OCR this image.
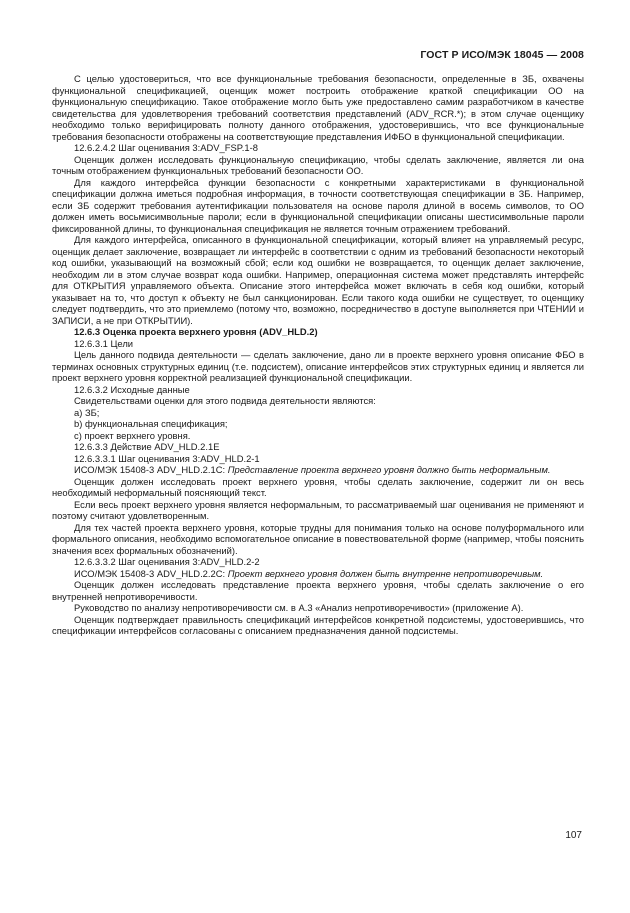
ГОСТ Р ИСО/МЭК 18045 — 2008

С целью удостовериться, что все функциональные требования безопасности, определенные в ЗБ, охвачены функциональной спецификацией, оценщик может построить отображение краткой спецификации ОО на функциональную спецификацию. Такое отображение могло быть уже предоставлено самим разработчиком в качестве свидетельства для удовлетворения требований соответствия представлений (ADV_RCR.*); в этом случае оценщику необходимо только верифицировать полноту данного отображения, удостоверившись, что все функциональные требования безопасности отображены на соответствующие представления ИФБО в функциональной спецификации.

12.6.2.4.2 Шаг оценивания 3:ADV_FSP.1-8

Оценщик должен исследовать функциональную спецификацию, чтобы сделать заключение, является ли она точным отображением функциональных требований безопасности ОО.

Для каждого интерфейса функции безопасности с конкретными характеристиками в функциональной спецификации должна иметься подробная информация, в точности соответствующая спецификации в ЗБ. Например, если ЗБ содержит требования аутентификации пользователя на основе пароля длиной в восемь символов, то ОО должен иметь восьмисимвольные пароли; если в функциональной спецификации описаны шестисимвольные пароли фиксированной длины, то функциональная спецификация не является точным отражением требований.

Для каждого интерфейса, описанного в функциональной спецификации, который влияет на управляемый ресурс, оценщик делает заключение, возвращает ли интерфейс в соответствии с одним из требований безопасности некоторый код ошибки, указывающий на возможный сбой; если код ошибки не возвращается, то оценщик делает заключение, необходим ли в этом случае возврат кода ошибки. Например, операционная система может представлять интерфейс для ОТКРЫТИЯ управляемого объекта. Описание этого интерфейса может включать в себя код ошибки, который указывает на то, что доступ к объекту не был санкционирован. Если такого кода ошибки не существует, то оценщику следует подтвердить, что это приемлемо (потому что, возможно, посредничество в доступе выполняется при ЧТЕНИИ и ЗАПИСИ, а не при ОТКРЫТИИ).

12.6.3 Оценка проекта верхнего уровня (ADV_HLD.2)

12.6.3.1 Цели

Цель данного подвида деятельности — сделать заключение, дано ли в проекте верхнего уровня описание ФБО в терминах основных структурных единиц (т.е. подсистем), описание интерфейсов этих структурных единиц и является ли проект верхнего уровня корректной реализацией функциональной спецификации.

12.6.3.2 Исходные данные

Свидетельствами оценки для этого подвида деятельности являются:

а) ЗБ;

b) функциональная спецификация;

с) проект верхнего уровня.

12.6.3.3 Действие ADV_HLD.2.1Е

12.6.3.3.1 Шаг оценивания 3:ADV_HLD.2-1

ИСО/МЭК 15408-3 ADV_HLD.2.1С: Представление проекта верхнего уровня должно быть неформальным.

Оценщик должен исследовать проект верхнего уровня, чтобы сделать заключение, содержит ли он весь необходимый неформальный поясняющий текст.

Если весь проект верхнего уровня является неформальным, то рассматриваемый шаг оценивания не применяют и поэтому считают удовлетворенным.

Для тех частей проекта верхнего уровня, которые трудны для понимания только на основе полуформального или формального описания, необходимо вспомогательное описание в повествовательной форме (например, чтобы пояснить значения всех формальных обозначений).

12.6.3.3.2 Шаг оценивания 3:ADV_HLD.2-2

ИСО/МЭК 15408-3 ADV_HLD.2.2С: Проект верхнего уровня должен быть внутренне непротиворечивым.

Оценщик должен исследовать представление проекта верхнего уровня, чтобы сделать заключение о его внутренней непротиворечивости.

Руководство по анализу непротиворечивости см. в А.3 «Анализ непротиворечивости» (приложение А).

Оценщик подтверждает правильность спецификаций интерфейсов конкретной подсистемы, удостоверившись, что спецификации интерфейсов согласованы с описанием предназначения данной подсистемы.

107
